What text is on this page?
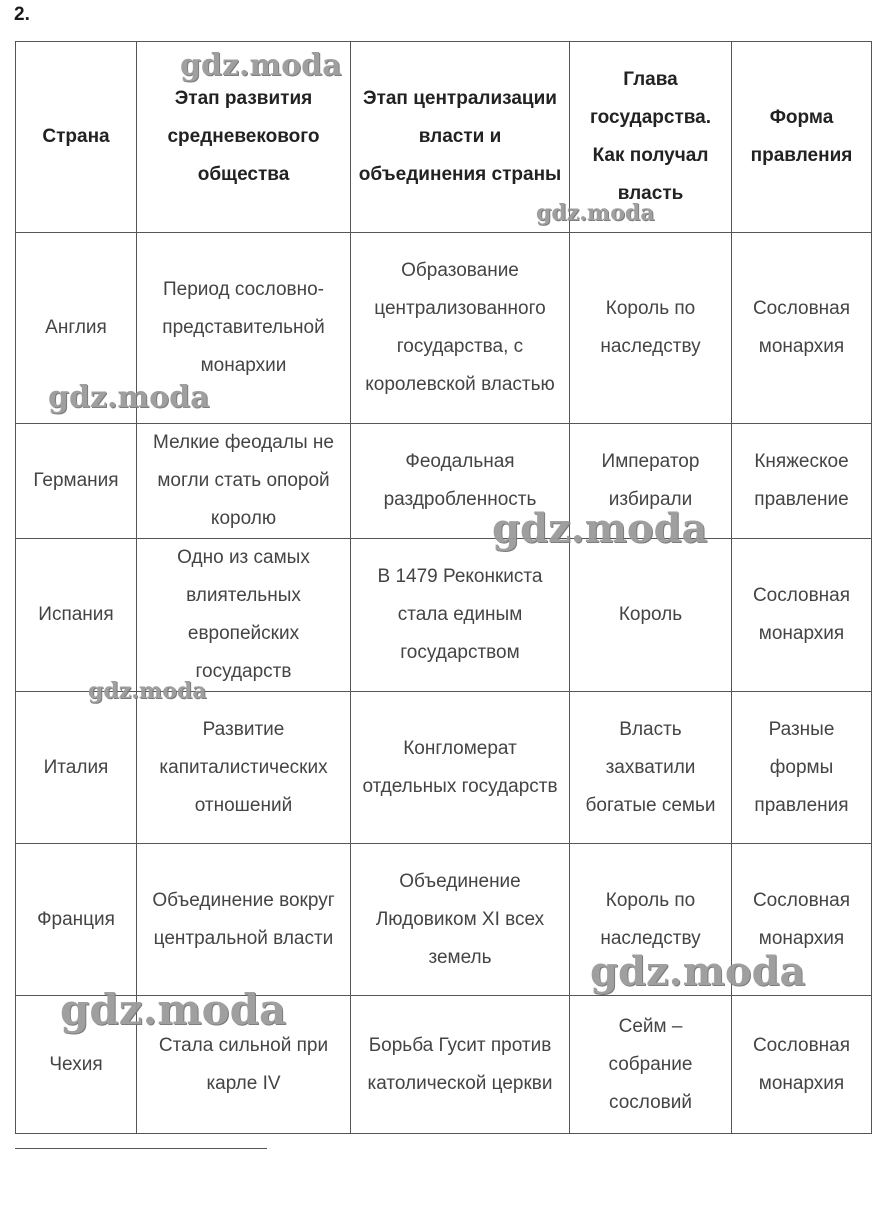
2.
Страна	Этап развития средневекового общества	Этап централизации власти и объединения страны	Глава государства. Как получал власть	Форма правления
Англия	Период сословно-представительной монархии	Образование централизованного государства, с королевской властью	Король по наследству	Сословная монархия
Германия	Мелкие феодалы не могли стать опорой королю	Феодальная раздробленность	Император избирали	Княжеское правление
Испания	Одно из самых влиятельных европейских государств	В 1479 Реконкиста стала единым государством	Король	Сословная монархия
Италия	Развитие капиталистических отношений	Конгломерат отдельных государств	Власть захватили богатые семьи	Разные формы правления
Франция	Объединение вокруг центральной власти	Объединение Людовиком XI всех земель	Король по наследству	Сословная монархия
Чехия	Стала сильной при карле IV	Борьба Гусит против католической церкви	Сейм – собрание сословий	Сословная монархия
gdz.moda
gdz.moda
gdz.moda
gdz.moda
gdz.moda
gdz.moda
gdz.moda
